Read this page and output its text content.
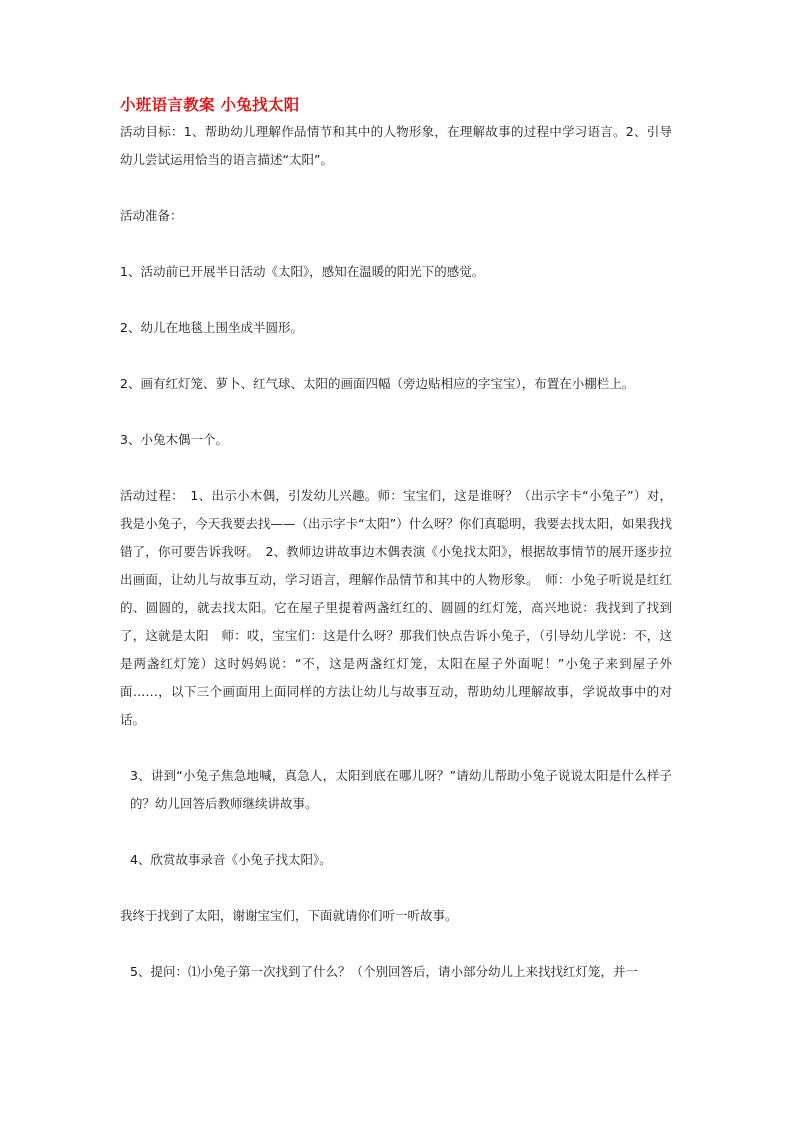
小班语言教案 小兔找太阳

活动目标：1、帮助幼儿理解作品情节和其中的人物形象，在理解故事的过程中学习语言。2、引导幼儿尝试运用恰当的语言描述“太阳”。

活动准备：

1、活动前已开展半日活动《太阳》，感知在温暖的阳光下的感觉。

2、幼儿在地毯上围坐成半圆形。

2、画有红灯笼、萝卜、红气球、太阳的画面四幅（旁边贴相应的字宝宝），布置在小棚栏上。

3、小兔木偶一个。

活动过程：　1、出示小木偶，引发幼儿兴趣。师：宝宝们，这是谁呀？（出示字卡“小兔子”）对，我是小兔子，今天我要去找——（出示字卡“太阳”）什么呀？你们真聪明，我要去找太阳，如果我找错了，你可要告诉我呀。　2、教师边讲故事边木偶表演《小兔找太阳》，根据故事情节的展开逐步拉出画面，让幼儿与故事互动，学习语言，理解作品情节和其中的人物形象。　师：小兔子听说是红红的、圆圆的，就去找太阳。它在屋子里提着两盏红红的、圆圆的红灯笼，高兴地说：我找到了找到了，这就是太阳　师：哎，宝宝们：这是什么呀？那我们快点告诉小兔子，（引导幼儿学说：不，这是两盏红灯笼）这时妈妈说：“不，这是两盏红灯笼，太阳在屋子外面呢！”小兔子来到屋子外面……，以下三个画面用上面同样的方法让幼儿与故事互动，帮助幼儿理解故事，学说故事中的对话。

3、讲到“小兔子焦急地喊，真急人，太阳到底在哪儿呀？”请幼儿帮助小兔子说说太阳是什么样子的？幼儿回答后教师继续讲故事。

4、欣赏故事录音《小兔子找太阳》。

我终于找到了太阳，谢谢宝宝们，下面就请你们听一听故事。

5、提问：⑴小兔子第一次找到了什么？（个别回答后，请小部分幼儿上来找找红灯笼，并一
